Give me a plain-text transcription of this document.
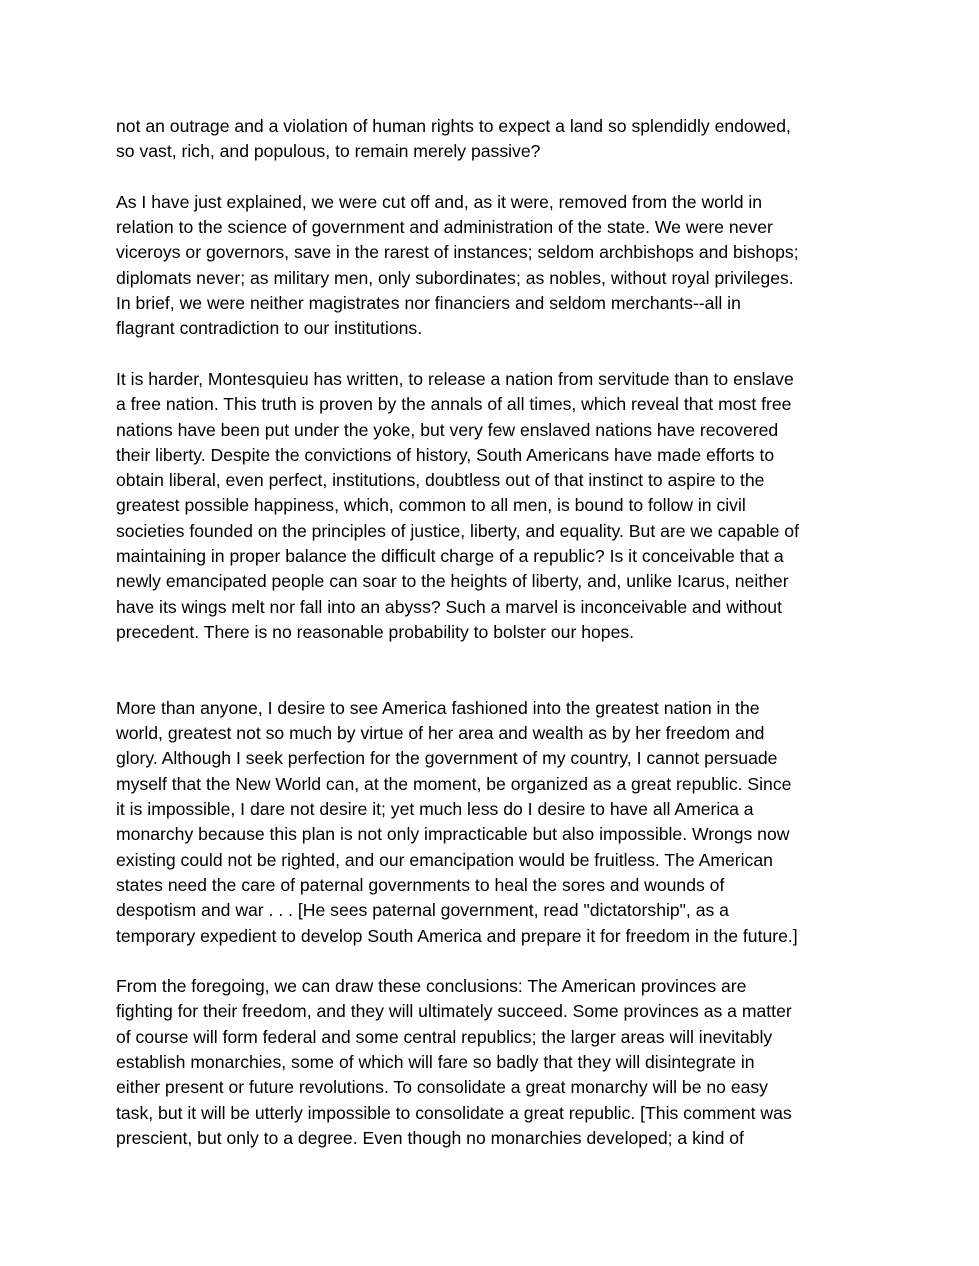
not an outrage and a violation of human rights to expect a land so splendidly endowed,
so vast, rich, and populous, to remain merely passive?

As I have just explained, we were cut off and, as it were, removed from the world in
relation to the science of government and administration of the state. We were never
viceroys or governors, save in the rarest of instances; seldom archbishops and bishops;
diplomats never; as military men, only subordinates; as nobles, without royal privileges.
In brief, we were neither magistrates nor financiers and seldom merchants--all in
flagrant contradiction to our institutions.

It is harder, Montesquieu has written, to release a nation from servitude than to enslave
a free nation. This truth is proven by the annals of all times, which reveal that most free
nations have been put under the yoke, but very few enslaved nations have recovered
their liberty. Despite the convictions of history, South Americans have made efforts to
obtain liberal, even perfect, institutions, doubtless out of that instinct to aspire to the
greatest possible happiness, which, common to all men, is bound to follow in civil
societies founded on the principles of justice, liberty, and equality. But are we capable of
maintaining in proper balance the difficult charge of a republic? Is it conceivable that a
newly emancipated people can soar to the heights of liberty, and, unlike Icarus, neither
have its wings melt nor fall into an abyss? Such a marvel is inconceivable and without
precedent. There is no reasonable probability to bolster our hopes.

More than anyone, I desire to see America fashioned into the greatest nation in the
world, greatest not so much by virtue of her area and wealth as by her freedom and
glory. Although I seek perfection for the government of my country, I cannot persuade
myself that the New World can, at the moment, be organized as a great republic. Since
it is impossible, I dare not desire it; yet much less do I desire to have all America a
monarchy because this plan is not only impracticable but also impossible. Wrongs now
existing could not be righted, and our emancipation would be fruitless. The American
states need the care of paternal governments to heal the sores and wounds of
despotism and war . . . [He sees paternal government, read "dictatorship", as a
temporary expedient to develop South America and prepare it for freedom in the future.]

From the foregoing, we can draw these conclusions: The American provinces are
fighting for their freedom, and they will ultimately succeed. Some provinces as a matter
of course will form federal and some central republics; the larger areas will inevitably
establish monarchies, some of which will fare so badly that they will disintegrate in
either present or future revolutions. To consolidate a great monarchy will be no easy
task, but it will be utterly impossible to consolidate a great republic. [This comment was
prescient, but only to a degree. Even though no monarchies developed; a kind of
